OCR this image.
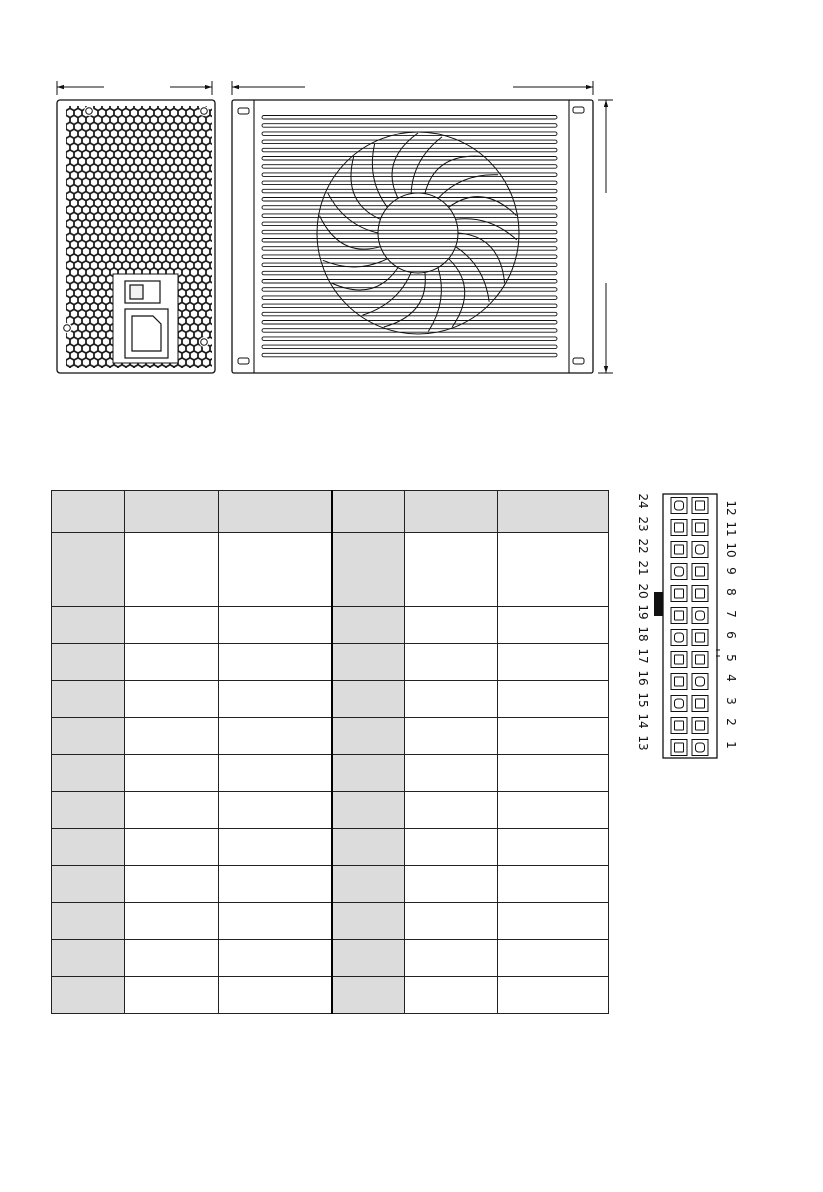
24
23
22
21
20
19
18
17
16
15
14
13
12
11
10
9
8
7
6
5
4
3
2
1
